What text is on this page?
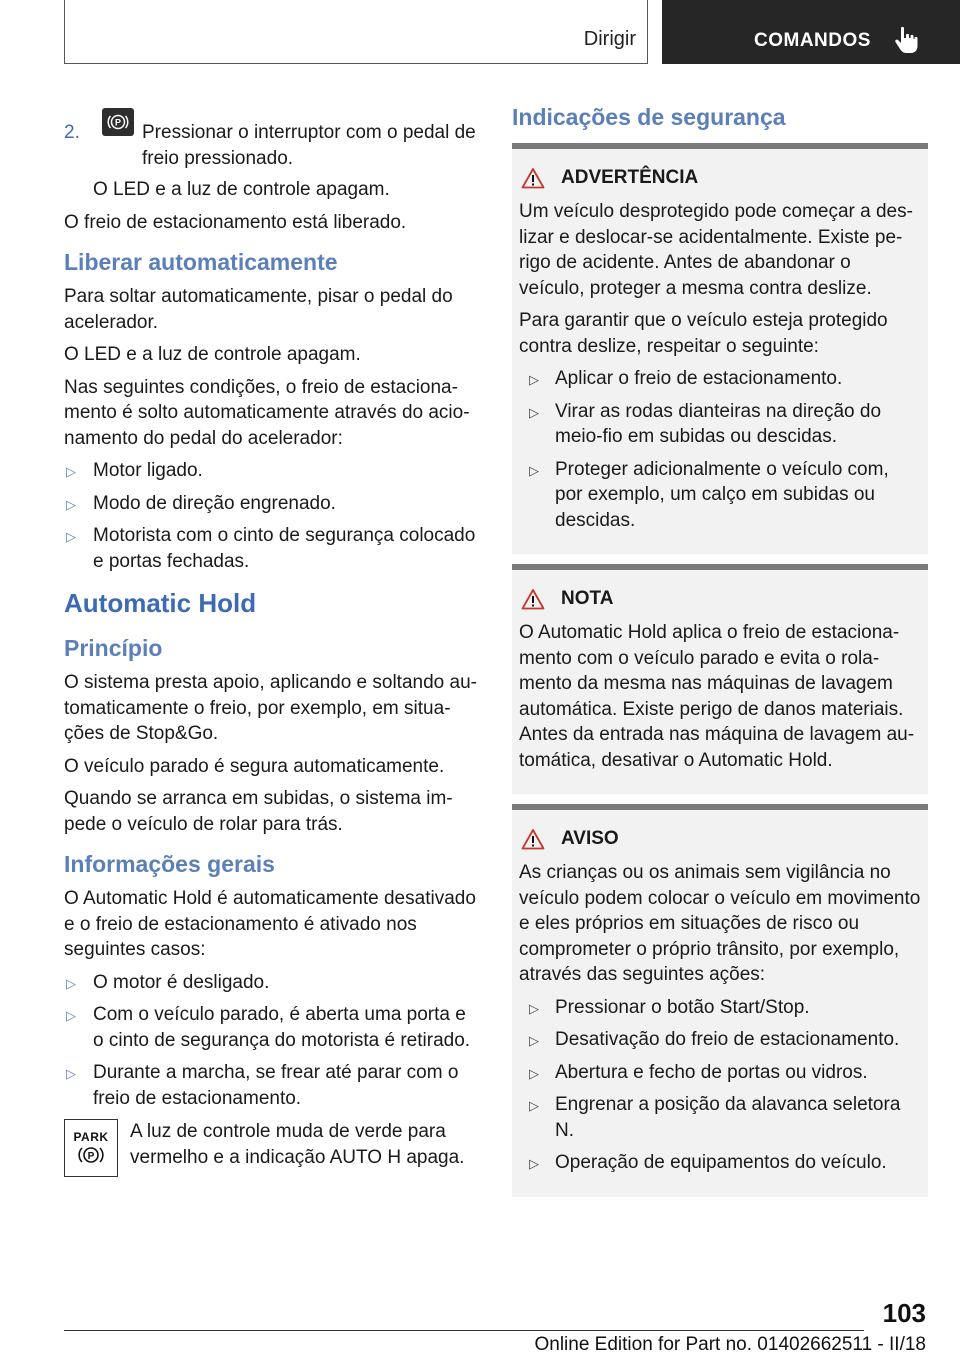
Dirigir	COMANDOS
2.	P Pressionar o interruptor com o pedal de freio pressionado.

O LED e a luz de controle apagam.

O freio de estacionamento está liberado.

Liberar automaticamente

Para soltar automaticamente, pisar o pedal do acelerador.

O LED e a luz de controle apagam.

Nas seguintes condições, o freio de estacionamento é solto automaticamente através do acionamento do pedal do acelerador:

▷ Motor ligado.
▷ Modo de direção engrenado.
▷ Motorista com o cinto de segurança colocado e portas fechadas.
Automatic Hold
Princípio

O sistema presta apoio, aplicando e soltando automaticamente o freio, por exemplo, em situações de Stop&Go.

O veículo parado é segura automaticamente.

Quando se arranca em subidas, o sistema impede o veículo de rolar para trás.

Informações gerais

O Automatic Hold é automaticamente desativado e o freio de estacionamento é ativado nos seguintes casos:

▷ O motor é desligado.
▷ Com o veículo parado, é aberta uma porta e o cinto de segurança do motorista é retirado.
▷ Durante a marcha, se frear até parar com o freio de estacionamento.
PARK
P

A luz de controle muda de verde para vermelho e a indicação AUTO H apaga.

Indicações de segurança
ADVERTÊNCIA

Um veículo desprotegido pode começar a deslizar e deslocar-se acidentalmente. Existe perigo de acidente. Antes de abandonar o veículo, proteger a mesma contra deslize.

Para garantir que o veículo esteja protegido contra deslize, respeitar o seguinte:

▷ Aplicar o freio de estacionamento.
▷ Virar as rodas dianteiras na direção do meio-fio em subidas ou descidas.
▷ Proteger adicionalmente o veículo com, por exemplo, um calço em subidas ou descidas.
NOTA

O Automatic Hold aplica o freio de estacionamento com o veículo parado e evita o rolamento da mesma nas máquinas de lavagem automática. Existe perigo de danos materiais. Antes da entrada nas máquina de lavagem automática, desativar o Automatic Hold.

AVISO

As crianças ou os animais sem vigilância no veículo podem colocar o veículo em movimento e eles próprios em situações de risco ou comprometer o próprio trânsito, por exemplo, através das seguintes ações:

▷ Pressionar o botão Start/Stop.
▷ Desativação do freio de estacionamento.
▷ Abertura e fecho de portas ou vidros.
▷ Engrenar a posição da alavanca seletora N.
▷ Operação de equipamentos do veículo.
103
Online Edition for Part no. 01402662511 - II/18
